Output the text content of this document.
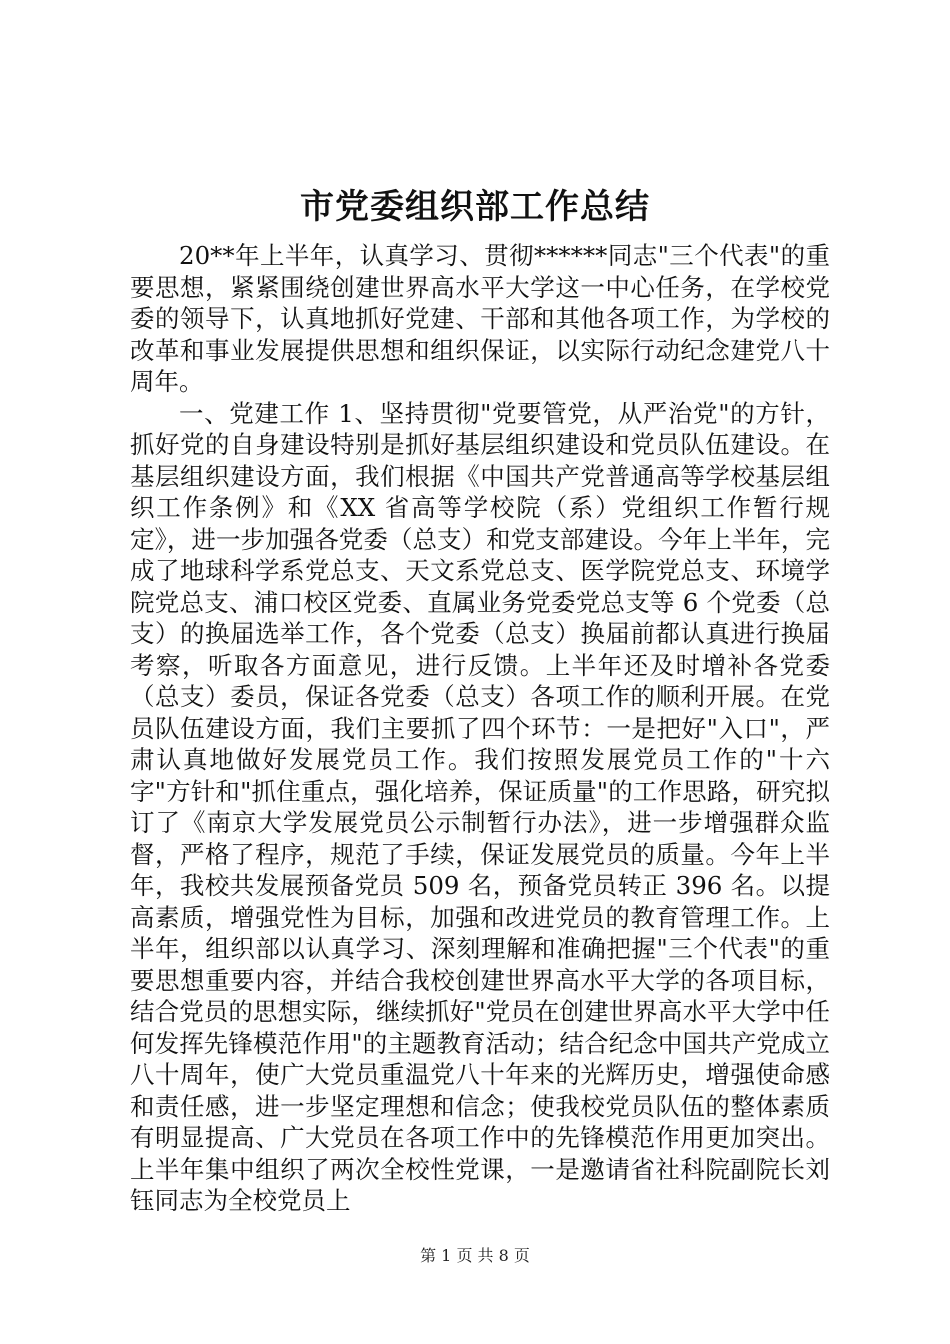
市党委组织部工作总结

20**年上半年，认真学习、贯彻******同志"三个代表"的重要思想，紧紧围绕创建世界高水平大学这一中心任务，在学校党委的领导下，认真地抓好党建、干部和其他各项工作，为学校的改革和事业发展提供思想和组织保证，以实际行动纪念建党八十周年。

一、党建工作 1、坚持贯彻"党要管党，从严治党"的方针，抓好党的自身建设特别是抓好基层组织建设和党员队伍建设。在基层组织建设方面，我们根据《中国共产党普通高等学校基层组织工作条例》和《XX 省高等学校院（系）党组织工作暂行规定》，进一步加强各党委（总支）和党支部建设。今年上半年，完成了地球科学系党总支、天文系党总支、医学院党总支、环境学院党总支、浦口校区党委、直属业务党委党总支等 6 个党委（总支）的换届选举工作，各个党委（总支）换届前都认真进行换届考察，听取各方面意见，进行反馈。上半年还及时增补各党委（总支）委员，保证各党委（总支）各项工作的顺利开展。在党员队伍建设方面，我们主要抓了四个环节：一是把好"入口"，严肃认真地做好发展党员工作。我们按照发展党员工作的"十六字"方针和"抓住重点，强化培养，保证质量"的工作思路，研究拟订了《南京大学发展党员公示制暂行办法》，进一步增强群众监督，严格了程序，规范了手续，保证发展党员的质量。今年上半年，我校共发展预备党员 509 名，预备党员转正 396 名。以提高素质，增强党性为目标，加强和改进党员的教育管理工作。上半年，组织部以认真学习、深刻理解和准确把握"三个代表"的重要思想重要内容，并结合我校创建世界高水平大学的各项目标，结合党员的思想实际，继续抓好"党员在创建世界高水平大学中任何发挥先锋模范作用"的主题教育活动；结合纪念中国共产党成立八十周年，使广大党员重温党八十年来的光辉历史，增强使命感和责任感，进一步坚定理想和信念；使我校党员队伍的整体素质有明显提高、广大党员在各项工作中的先锋模范作用更加突出。上半年集中组织了两次全校性党课，一是邀请省社科院副院长刘钰同志为全校党员上

第 1 页 共 8 页
